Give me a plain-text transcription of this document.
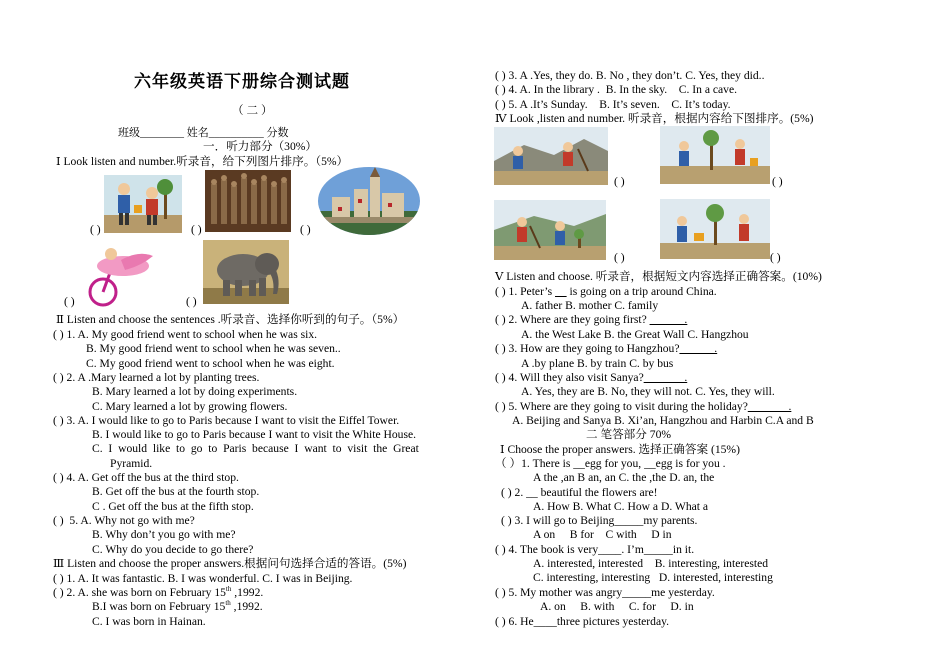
六年级英语下册综合测试题
（ 二 ）
班级________ 姓名__________ 分数
一．听力部分（30%）
Ⅰ Look listen and number.听录音，给下列图片排序。（5%）
( )	( )	( )
( )	( )
Ⅱ Listen and choose the sentences .听录音、选择你听到的句子。（5%）
( ) 1. A. My good friend went to school when he was six.
B. My good friend went to school when he was seven..
C. My good friend went to school when he was eight.
( ) 2. A .Mary learned a lot by planting trees.
B. Mary learned a lot by doing experiments.
C. Mary learned a lot by growing flowers.
( ) 3. A. I would like to go to Paris because I want to visit the Eiffel Tower.
B. I would like to go to Paris because I want to visit the White House.
C.  I  would  like  to  go  to  Paris  because  I  want  to  visit  the  Great
Pyramid.
( ) 4. A. Get off the bus at the third stop.
B. Get off the bus at the fourth stop.
C . Get off the bus at the fifth stop.
( )  5. A. Why not go with me?
B. Why don’t you go with me?
C. Why do you decide to go there?
Ⅲ Listen and choose the proper answers.根据问句选择合适的答语。(5%)
( ) 1. A. It was fantastic. B. I was wonderful. C. I was in Beijing.
( ) 2. A. she was born on February 15th ,1992.
B.I was born on February 15th ,1992.
C. I was born in Hainan.
( ) 3. A .Yes, they do. B. No , they don’t. C. Yes, they did..
( ) 4. A. In the library .  B. In the sky.    C. In a cave.
( ) 5. A .It’s Sunday.    B. It’s seven.    C. It’s today.
Ⅳ Look ,listen and number. 听录音，根据内容给下图排序。(5%)
( )	( )
( )	( )
Ⅴ Listen and choose. 听录音，根据短文内容选择正确答案。(10%)
( ) 1. Peter’s      is going on a trip around China.
A. father B. mother C. family
( ) 2. Where are they going first? ______.
A. the West Lake B. the Great Wall C. Hangzhou
( ) 3. How are they going to Hangzhou?______.
A .by plane B. by train C. by bus
( ) 4. Will they also visit Sanya?_______.
A. Yes, they are B. No, they will not. C. Yes, they will.
( ) 5. Where are they going to visit during the holiday?_______.
A. Beijing and Sanya B. Xi’an, Hangzhou and Harbin C.A and B
二 笔答部分 70%
Ⅰ Choose the proper answers. 选择正确答案 (15%)
（ ）1. There is __egg for you, __egg is for you .
A the ,an B an, an C. the ,the D. an, the
( ) 2. __ beautiful the flowers are!
A. How B. What C. How a D. What a
( ) 3. I will go to Beijing_____my parents.
A on     B for    C with     D in
( ) 4. The book is very____. I’m_____in it.
A. interested, interested    B. interesting, interested
C. interesting, interesting   D. interested, interesting
( ) 5. My mother was angry_____me yesterday.
A. on     B. with     C. for     D. in
( ) 6. He____three pictures yesterday.
